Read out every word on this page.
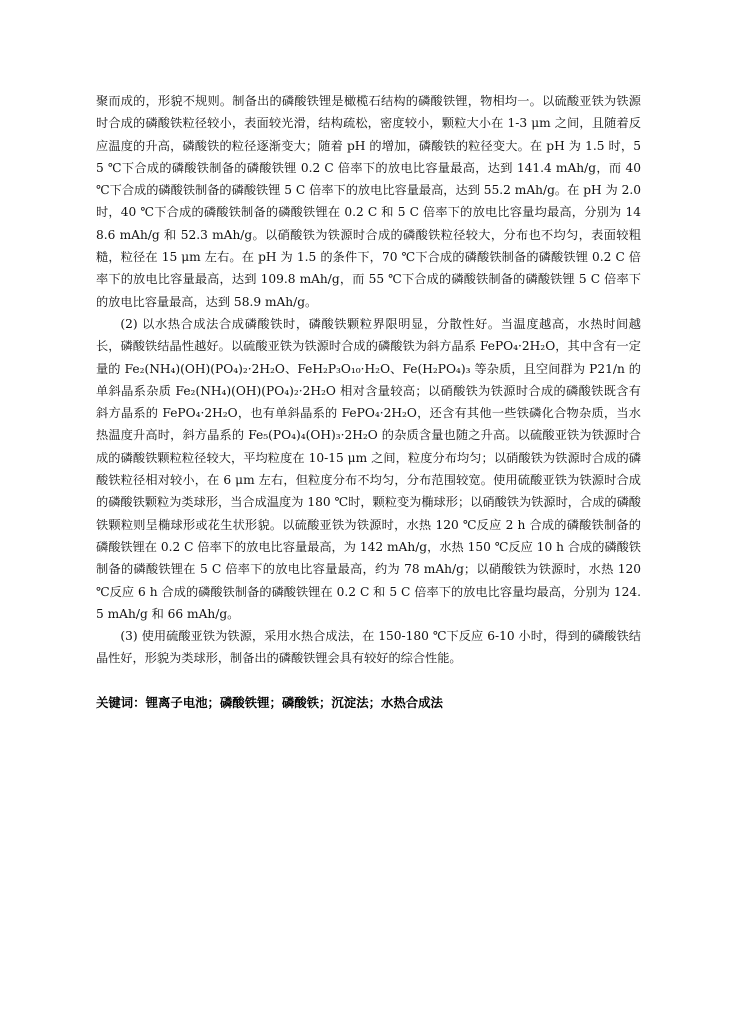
聚而成的，形貌不规则。制备出的磷酸铁锂是橄榄石结构的磷酸铁锂，物相均一。以硫酸亚铁为铁源时合成的磷酸铁粒径较小，表面较光滑，结构疏松，密度较小，颗粒大小在 1-3 μm 之间，且随着反应温度的升高，磷酸铁的粒径逐渐变大；随着 pH 的增加，磷酸铁的粒径变大。在 pH 为 1.5 时，55 ℃下合成的磷酸铁制备的磷酸铁锂 0.2 C 倍率下的放电比容量最高，达到 141.4 mAh/g，而 40 ℃下合成的磷酸铁制备的磷酸铁锂 5 C 倍率下的放电比容量最高，达到 55.2 mAh/g。在 pH 为 2.0 时，40 ℃下合成的磷酸铁制备的磷酸铁锂在 0.2 C 和 5 C 倍率下的放电比容量均最高，分别为 148.6 mAh/g 和 52.3 mAh/g。以硝酸铁为铁源时合成的磷酸铁粒径较大，分布也不均匀，表面较粗糙，粒径在 15 μm 左右。在 pH 为 1.5 的条件下，70 ℃下合成的磷酸铁制备的磷酸铁锂 0.2 C 倍率下的放电比容量最高，达到 109.8 mAh/g，而 55 ℃下合成的磷酸铁制备的磷酸铁锂 5 C 倍率下的放电比容量最高，达到 58.9 mAh/g。

(2) 以水热合成法合成磷酸铁时，磷酸铁颗粒界限明显，分散性好。当温度越高，水热时间越长，磷酸铁结晶性越好。以硫酸亚铁为铁源时合成的磷酸铁为斜方晶系 FePO₄·2H₂O，其中含有一定量的 Fe₂(NH₄)(OH)(PO₄)₂·2H₂O、FeH₂P₃O₁₀·H₂O、Fe(H₂PO₄)₃ 等杂质，且空间群为 P21/n 的单斜晶系杂质 Fe₂(NH₄)(OH)(PO₄)₂·2H₂O 相对含量较高；以硝酸铁为铁源时合成的磷酸铁既含有斜方晶系的 FePO₄·2H₂O，也有单斜晶系的 FePO₄·2H₂O，还含有其他一些铁磷化合物杂质，当水热温度升高时，斜方晶系的 Fe₅(PO₄)₄(OH)₃·2H₂O 的杂质含量也随之升高。以硫酸亚铁为铁源时合成的磷酸铁颗粒粒径较大，平均粒度在 10-15 μm 之间，粒度分布均匀；以硝酸铁为铁源时合成的磷酸铁粒径相对较小，在 6 μm 左右，但粒度分布不均匀，分布范围较宽。使用硫酸亚铁为铁源时合成的磷酸铁颗粒为类球形，当合成温度为 180 ℃时，颗粒变为椭球形；以硝酸铁为铁源时，合成的磷酸铁颗粒则呈椭球形或花生状形貌。以硫酸亚铁为铁源时，水热 120 ℃反应 2 h 合成的磷酸铁制备的磷酸铁锂在 0.2 C 倍率下的放电比容量最高，为 142 mAh/g，水热 150 ℃反应 10 h 合成的磷酸铁制备的磷酸铁锂在 5 C 倍率下的放电比容量最高，约为 78 mAh/g；以硝酸铁为铁源时，水热 120 ℃反应 6 h 合成的磷酸铁制备的磷酸铁锂在 0.2 C 和 5 C 倍率下的放电比容量均最高，分别为 124.5 mAh/g 和 66 mAh/g。

(3) 使用硫酸亚铁为铁源，采用水热合成法，在 150-180 ℃下反应 6-10 小时，得到的磷酸铁结晶性好，形貌为类球形，制备出的磷酸铁锂会具有较好的综合性能。

关键词：锂离子电池；磷酸铁锂；磷酸铁；沉淀法；水热合成法
